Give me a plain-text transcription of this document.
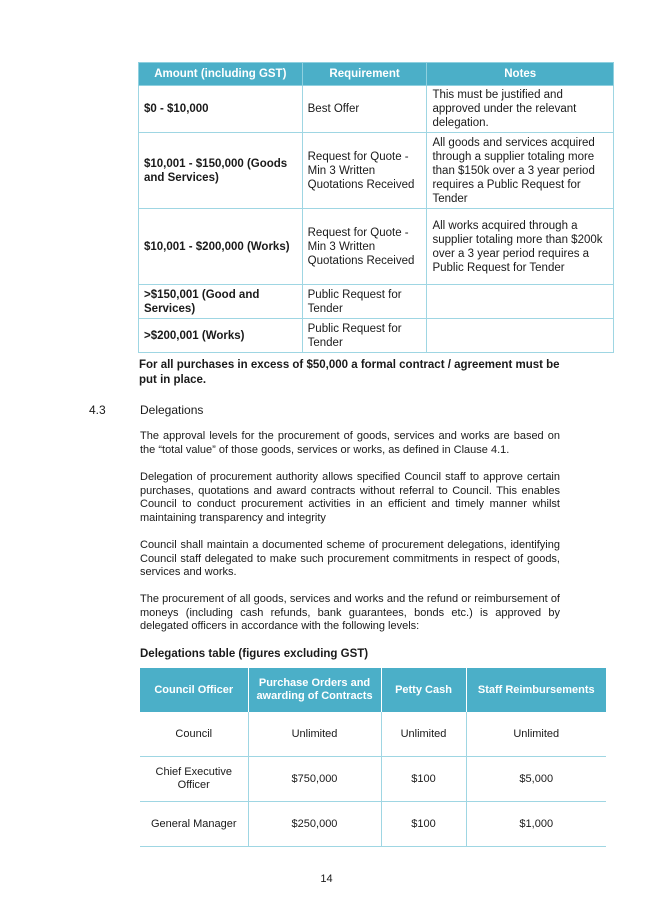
Amount (including GST)	Requirement	Notes
$0 - $10,000	Best Offer	This must be justified and approved under the relevant delegation.
$10,001 - $150,000 (Goods and Services)	Request for Quote - Min 3 Written Quotations Received	All goods and services acquired through a supplier totaling more than $150k over a 3 year period requires a Public Request for Tender
$10,001 - $200,000 (Works)	Request for Quote - Min 3 Written Quotations Received	All works acquired through a supplier totaling more than $200k over a 3 year period requires a Public Request for Tender
>$150,001 (Good and Services)	Public Request for Tender	
>$200,001 (Works)	Public Request for Tender	
For all purchases in excess of $50,000 a formal contract / agreement must be put in place.
4.3	Delegations
The approval levels for the procurement of goods, services and works are based on the “total value” of those goods, services or works, as defined in Clause 4.1.
Delegation of procurement authority allows specified Council staff to approve certain purchases, quotations and award contracts without referral to Council. This enables Council to conduct procurement activities in an efficient and timely manner whilst maintaining transparency and integrity
Council shall maintain a documented scheme of procurement delegations, identifying Council staff delegated to make such procurement commitments in respect of goods, services and works.
The procurement of all goods, services and works and the refund or reimbursement of moneys (including cash refunds, bank guarantees, bonds etc.) is approved by delegated officers in accordance with the following levels:
Delegations table (figures excluding GST)
Council Officer	Purchase Orders and awarding of Contracts	Petty Cash	Staff Reimbursements
Council	Unlimited	Unlimited	Unlimited
Chief Executive Officer	$750,000	$100	$5,000
General Manager	$250,000	$100	$1,000
14
